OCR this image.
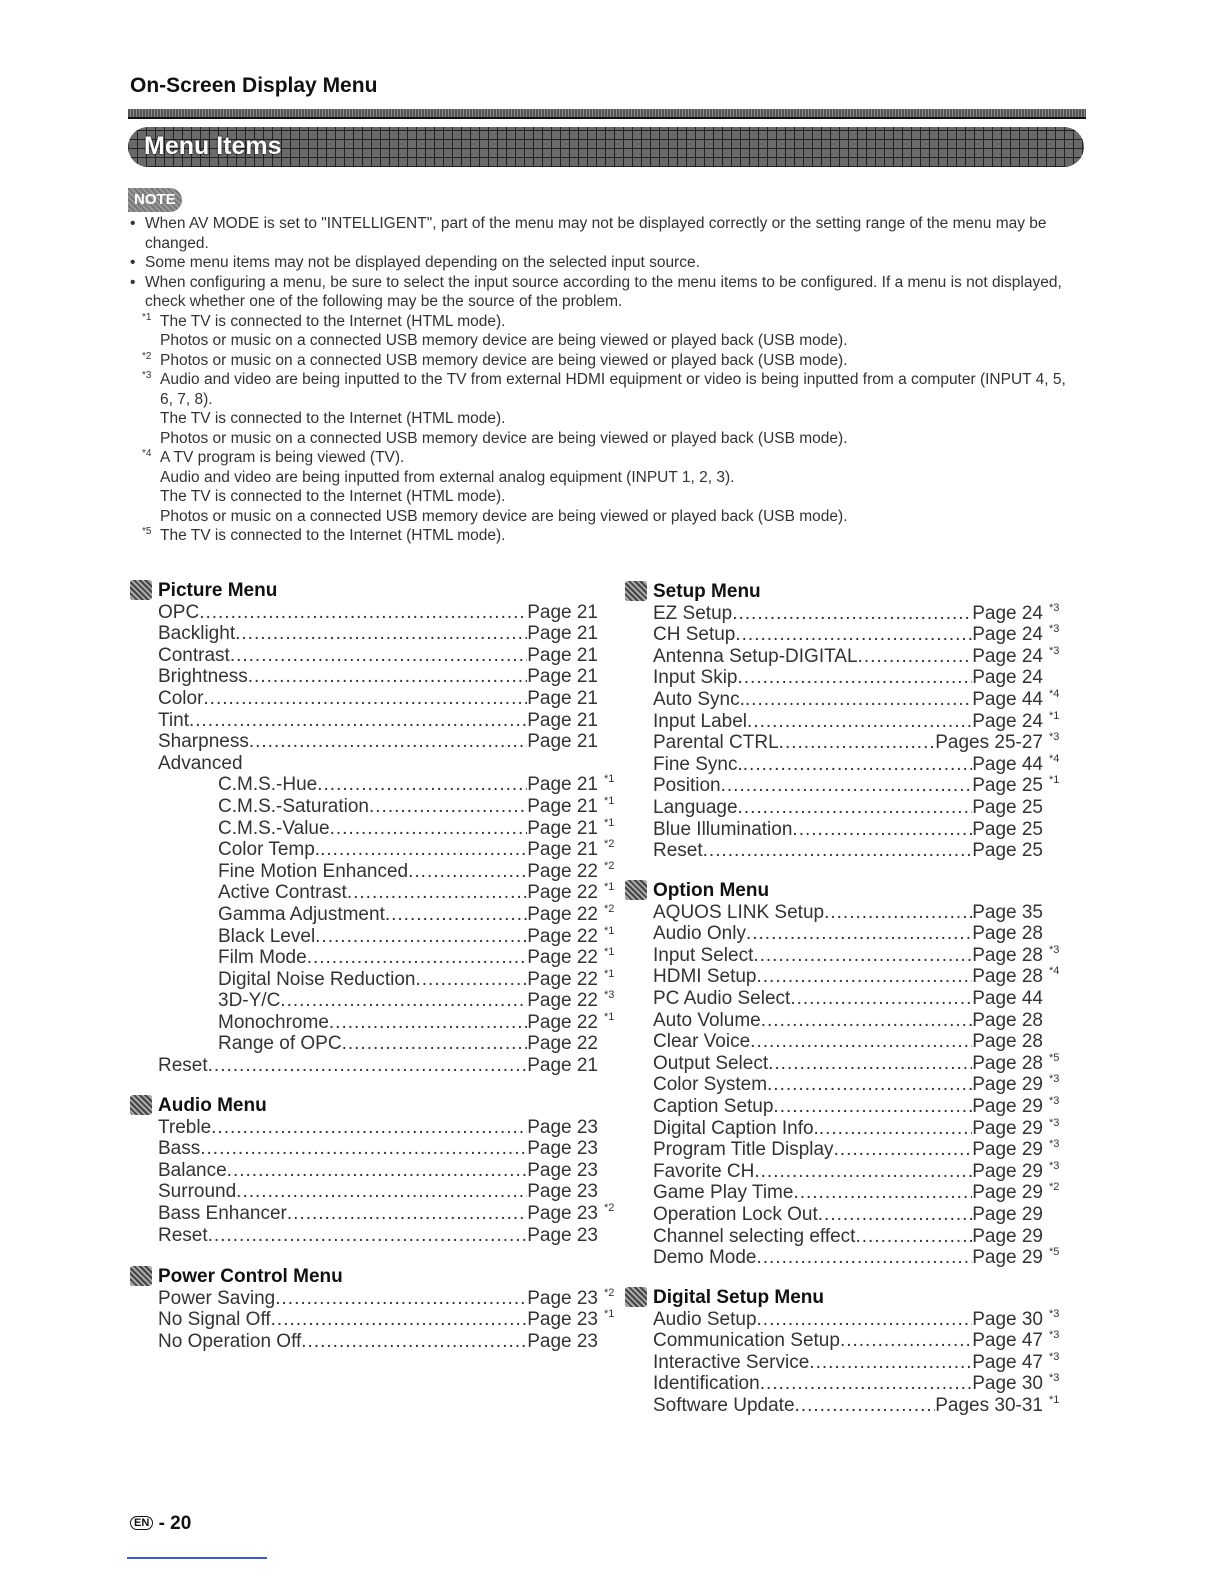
On-Screen Display Menu
Menu Items
NOTE
• When AV MODE is set to "INTELLIGENT", part of the menu may not be displayed correctly or the setting range of the menu may be changed.
• Some menu items may not be displayed depending on the selected input source.
• When configuring a menu, be sure to select the input source according to the menu items to be configured. If a menu is not displayed, check whether one of the following may be the source of the problem.
*1 The TV is connected to the Internet (HTML mode).
Photos or music on a connected USB memory device are being viewed or played back (USB mode).
*2 Photos or music on a connected USB memory device are being viewed or played back (USB mode).
*3 Audio and video are being inputted to the TV from external HDMI equipment or video is being inputted from a computer (INPUT 4, 5, 6, 7, 8).
The TV is connected to the Internet (HTML mode).
Photos or music on a connected USB memory device are being viewed or played back (USB mode).
*4 A TV program is being viewed (TV).
Audio and video are being inputted from external analog equipment (INPUT 1, 2, 3).
The TV is connected to the Internet (HTML mode).
Photos or music on a connected USB memory device are being viewed or played back (USB mode).
*5 The TV is connected to the Internet (HTML mode).
Picture Menu
OPC .....	Page 21
Backlight .....	Page 21
Contrast .....	Page 21
Brightness .....	Page 21
Color .....	Page 21
Tint .....	Page 21
Sharpness .....	Page 21
Advanced
C.M.S.-Hue .....	Page 21 *1
C.M.S.-Saturation .....	Page 21 *1
C.M.S.-Value .....	Page 21 *1
Color Temp. .....	Page 21 *2
Fine Motion Enhanced .....	Page 22 *2
Active Contrast .....	Page 22 *1
Gamma Adjustment .....	Page 22 *2
Black Level .....	Page 22 *1
Film Mode .....	Page 22 *1
Digital Noise Reduction .....	Page 22 *1
3D-Y/C .....	Page 22 *3
Monochrome .....	Page 22 *1
Range of OPC .....	Page 22
Reset .....	Page 21
Audio Menu
Treble .....	Page 23
Bass .....	Page 23
Balance .....	Page 23
Surround .....	Page 23
Bass Enhancer .....	Page 23 *2
Reset .....	Page 23
Power Control Menu
Power Saving .....	Page 23 *2
No Signal Off .....	Page 23 *1
No Operation Off .....	Page 23
Setup Menu
EZ Setup .....	Page 24 *3
CH Setup .....	Page 24 *3
Antenna Setup-DIGITAL .....	Page 24 *3
Input Skip .....	Page 24
Auto Sync. .....	Page 44 *4
Input Label .....	Page 24 *1
Parental CTRL .....	Pages 25-27 *3
Fine Sync. .....	Page 44 *4
Position .....	Page 25 *1
Language .....	Page 25
Blue Illumination .....	Page 25
Reset .....	Page 25
Option Menu
AQUOS LINK Setup .....	Page 35
Audio Only .....	Page 28
Input Select .....	Page 28 *3
HDMI Setup .....	Page 28 *4
PC Audio Select .....	Page 44
Auto Volume .....	Page 28
Clear Voice .....	Page 28
Output Select .....	Page 28 *5
Color System .....	Page 29 *3
Caption Setup .....	Page 29 *3
Digital Caption Info. .....	Page 29 *3
Program Title Display .....	Page 29 *3
Favorite CH .....	Page 29 *3
Game Play Time .....	Page 29 *2
Operation Lock Out .....	Page 29
Channel selecting effect .....	Page 29
Demo Mode .....	Page 29 *5
Digital Setup Menu
Audio Setup .....	Page 30 *3
Communication Setup .....	Page 47 *3
Interactive Service .....	Page 47 *3
Identification .....	Page 30 *3
Software Update .....	Pages 30-31 *1
EN - 20
